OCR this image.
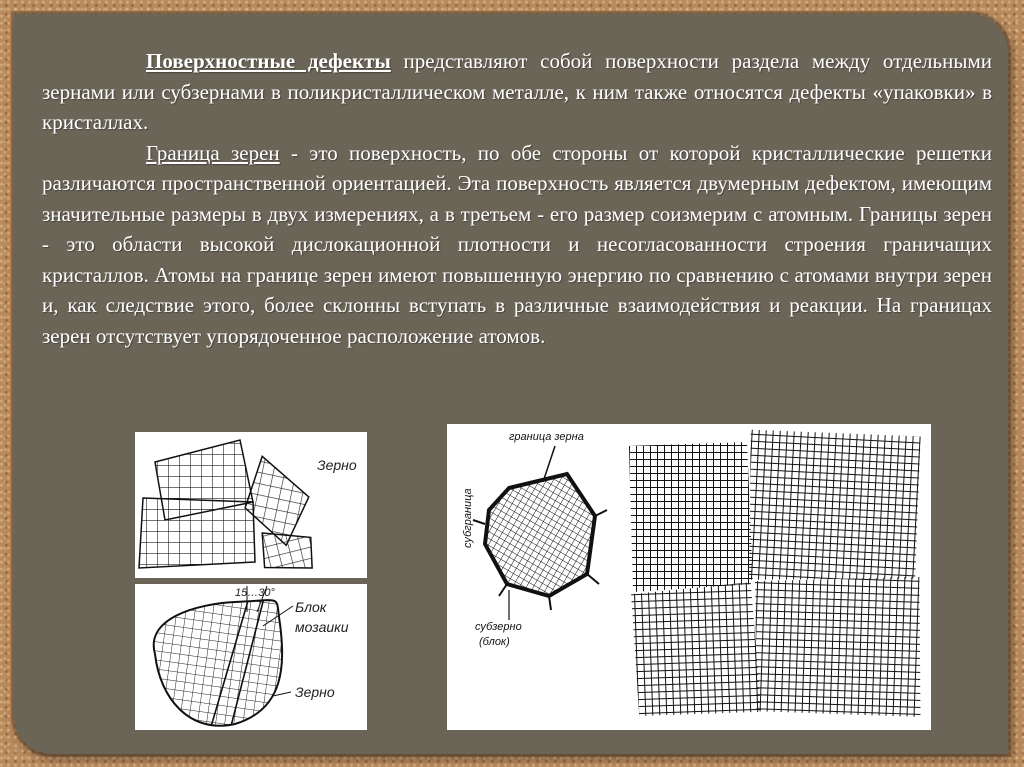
Поверхностные дефекты представляют собой поверхности раздела между отдельными зернами или субзернами в поликристаллическом металле, к ним также относятся дефекты «упаковки» в кристаллах.

Граница зерен - это поверхность, по обе стороны от которой кристаллические решетки различаются пространственной ориентацией. Эта поверхность является двумерным дефектом, имеющим значительные размеры в двух измерениях, а в третьем - его размер соизмерим с атомным. Границы зерен - это области высокой дислокационной плотности и несогласованности строения граничащих кристаллов. Атомы на границе зерен имеют повышенную энергию по сравнению с атомами внутри зерен и, как следствие этого, более склонны вступать в различные взаимодействия и реакции. На границах зерен отсутствует упорядоченное расположение атомов.

Зерно
15…30°
Блок
мозаики
Зерно
граница зерна
субграница
субзерно
(блок)
